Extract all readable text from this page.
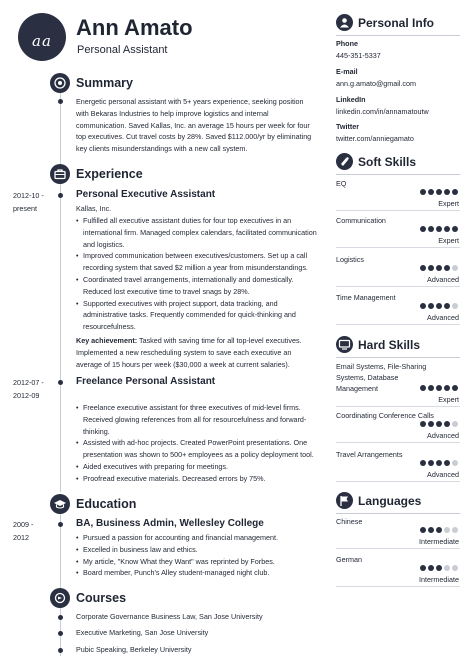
aa
Ann Amato
Personal Assistant
Summary
Energetic personal assistant with 5+ years experience, seeking position with Bekaras Industries to help improve logistics and internal communication. Saved Kallas, Inc. an average 15 hours per week for four top executives. Cut travel costs by 28%. Saved $112.000/yr by eliminating key clients misunderstandings with a new call system.
Experience
2012-10 -
present
Personal Executive Assistant
Kallas, Inc.
• Fulfilled all executive assistant duties for four top executives in an international firm. Managed complex calendars, facilitated communication and logistics.
• Improved communication between executives/customers. Set up a call recording system that saved $2 million a year from misunderstandings.
• Coordinated travel arrangements, internationally and domestically. Reduced lost executive time to travel snags by 28%.
• Supported executives with project support, data tracking, and administrative tasks. Frequently commended for quick-thinking and resourcefulness.
Key achievement: Tasked with saving time for all top-level executives. Implemented a new rescheduling system to save each executive an average of 15 hours per week ($30,000 a week at current salaries).
2012-07 -
2012-09
Freelance Personal Assistant
• Freelance executive assistant for three executives of mid-level firms. Received glowing references from all for resourcefulness and forward-thinking.
• Assisted with ad-hoc projects. Created PowerPoint presentations. One presentation was shown to 500+ employees as a policy deployment tool.
• Aided executives with preparing for meetings.
• Proofread executive materials. Decreased errors by 75%.
Education
2009 -
2012
BA, Business Admin, Wellesley College
• Pursued a passion for accounting and financial management.
• Excelled in business law and ethics.
• My article, "Know What they Want" was reprinted by Forbes.
• Board member, Punch's Alley student-managed night club.
Courses
Corporate Governance Business Law, San Jose University
Executive Marketing, San Jose University
Pubic Speaking, Berkeley University
Personal Info
Phone
445-351-5337
E-mail
ann.g.amato@gmail.com
LinkedIn
linkedin.com/in/annamatoutw
Twitter
twitter.com/anniegamato
Soft Skills
EQ
Expert
Communication
Expert
Logistics
Advanced
Time Management
Advanced
Hard Skills
Email Systems, File-Sharing Systems, Database Management
Expert
Coordinating Conference Calls
Advanced
Travel Arrangements
Advanced
Languages
Chinese
Intermediate
German
Intermediate
